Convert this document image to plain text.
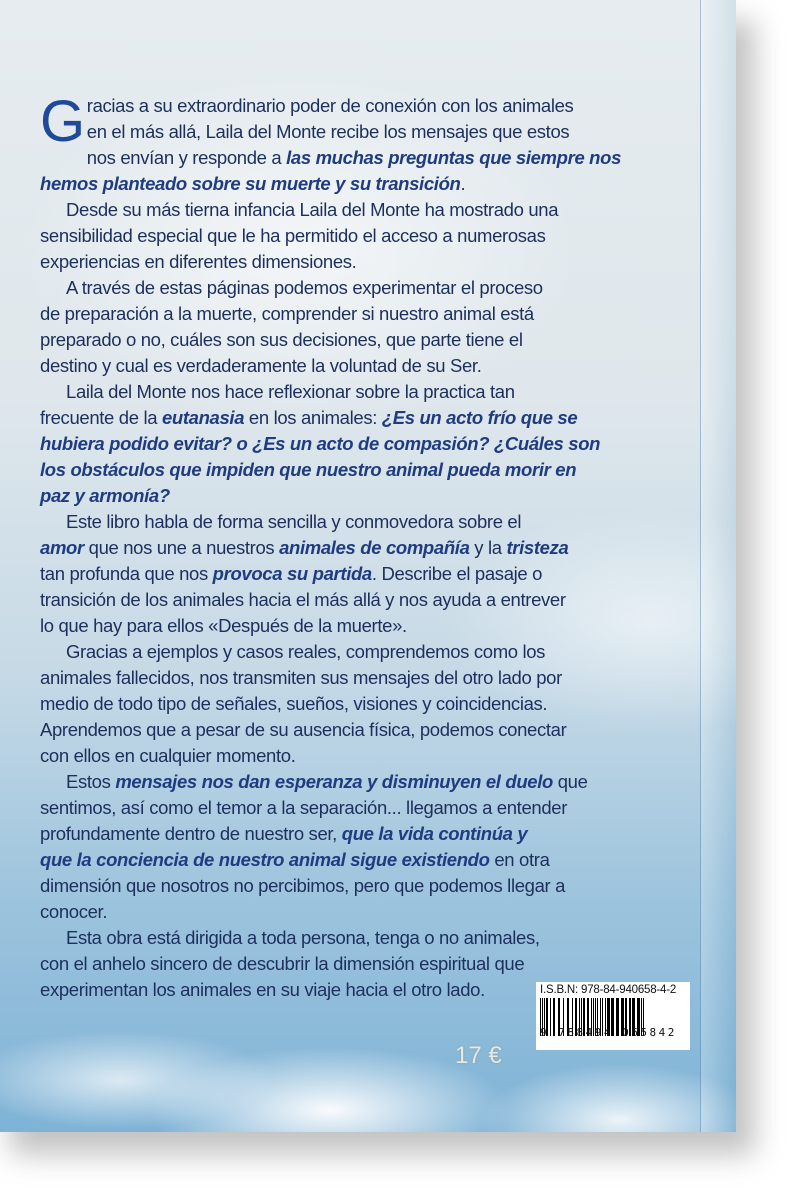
G racias a su extraordinario poder de conexión con los animales
en el más allá, Laila del Monte recibe los mensajes que estos
nos envían y responde a las muchas preguntas que siempre nos
hemos planteado sobre su muerte y su transición.
Desde su más tierna infancia Laila del Monte ha mostrado una
sensibilidad especial que le ha permitido el acceso a numerosas
experiencias en diferentes dimensiones.
A través de estas páginas podemos experimentar el proceso
de preparación a la muerte, comprender si nuestro animal está
preparado o no, cuáles son sus decisiones, que parte tiene el
destino y cual es verdaderamente la voluntad de su Ser.
Laila del Monte nos hace reflexionar sobre la practica tan
frecuente de la eutanasia en los animales: ¿Es un acto frío que se
hubiera podido evitar? o ¿Es un acto de compasión? ¿Cuáles son
los obstáculos que impiden que nuestro animal pueda morir en
paz y armonía?
Este libro habla de forma sencilla y conmovedora sobre el
amor que nos une a nuestros animales de compañía y la tristeza
tan profunda que nos provoca su partida. Describe el pasaje o
transición de los animales hacia el más allá y nos ayuda a entrever
lo que hay para ellos «Después de la muerte».
Gracias a ejemplos y casos reales, comprendemos como los
animales fallecidos, nos transmiten sus mensajes del otro lado por
medio de todo tipo de señales, sueños, visiones y coincidencias.
Aprendemos que a pesar de su ausencia física, podemos conectar
con ellos en cualquier momento.
Estos mensajes nos dan esperanza y disminuyen el duelo que
sentimos, así como el temor a la separación... llegamos a entender
profundamente dentro de nuestro ser, que la vida continúa y
que la conciencia de nuestro animal sigue existiendo en otra
dimensión que nosotros no percibimos, pero que podemos llegar a
conocer.
Esta obra está dirigida a toda persona, tenga o no animales,
con el anhelo sincero de descubrir la dimensión espiritual que
experimentan los animales en su viaje hacia el otro lado.	I.S.B.N: 978-84-940658-4-2
9 788494 065842
17 €
